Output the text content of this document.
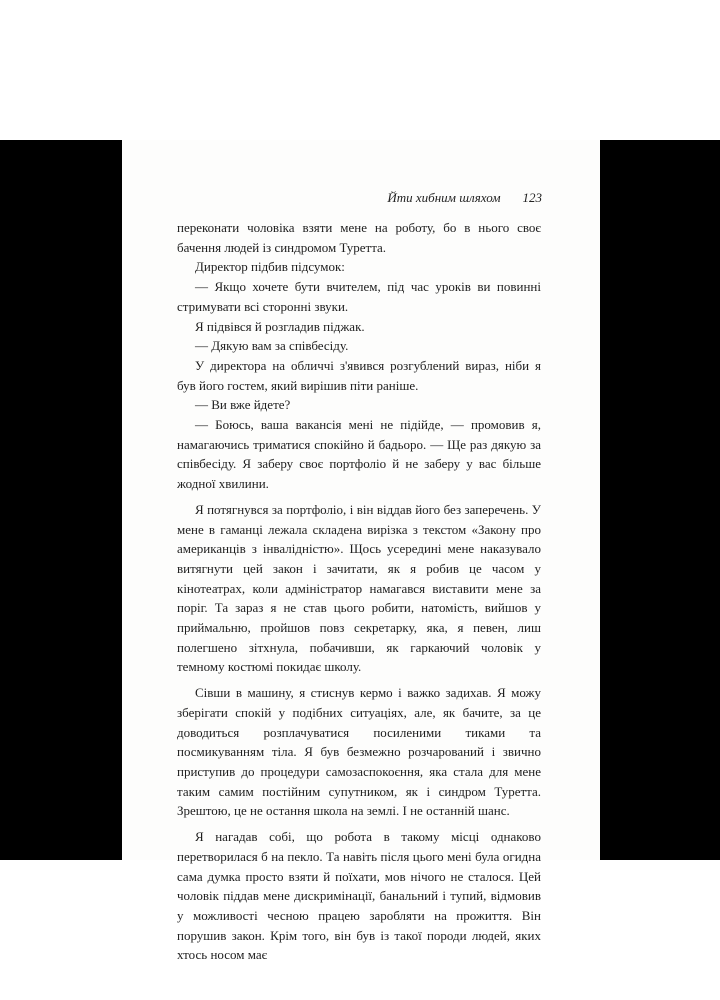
Йти хибним шляхом 123

переконати чоловіка взяти мене на роботу, бо в нього своє бачення людей із синдромом Туретта.

Директор підбив підсумок:

— Якщо хочете бути вчителем, під час уроків ви повинні стримувати всі сторонні звуки.

Я підвівся й розгладив піджак.

— Дякую вам за співбесіду.

У директора на обличчі з'явився розгублений вираз, ніби я був його гостем, який вирішив піти раніше.

— Ви вже йдете?

— Боюсь, ваша вакансія мені не підійде, — промовив я, намагаючись триматися спокійно й бадьоро. — Ще раз дякую за співбесіду. Я заберу своє портфоліо й не заберу у вас більше жодної хвилини.

Я потягнувся за портфоліо, і він віддав його без заперечень. У мене в гаманці лежала складена вирізка з текстом «Закону про американців з інвалідністю». Щось усередині мене наказувало витягнути цей закон і зачитати, як я робив це часом у кінотеатрах, коли адміністратор намагався виставити мене за поріг. Та зараз я не став цього робити, натомість, вийшов у приймальню, пройшов повз секретарку, яка, я певен, лиш полегшено зітхнула, побачивши, як гаркаючий чоловік у темному костюмі покидає школу.

Сівши в машину, я стиснув кермо і важко задихав. Я можу зберігати спокій у подібних ситуаціях, але, як бачите, за це доводиться розплачуватися посиленими тиками та посмикуванням тіла. Я був безмежно розчарований і звично приступив до процедури самозаспокоєння, яка стала для мене таким самим постійним супутником, як і синдром Туретта. Зрештою, це не остання школа на землі. І не останній шанс.

Я нагадав собі, що робота в такому місці однаково перетворилася б на пекло. Та навіть після цього мені була огидна сама думка просто взяти й поїхати, мов нічого не сталося. Цей чоловік піддав мене дискримінації, банальний і тупий, відмовив у можливості чесною працею заробляти на прожиття. Він порушив закон. Крім того, він був із такої породи людей, яких хтось носом має
